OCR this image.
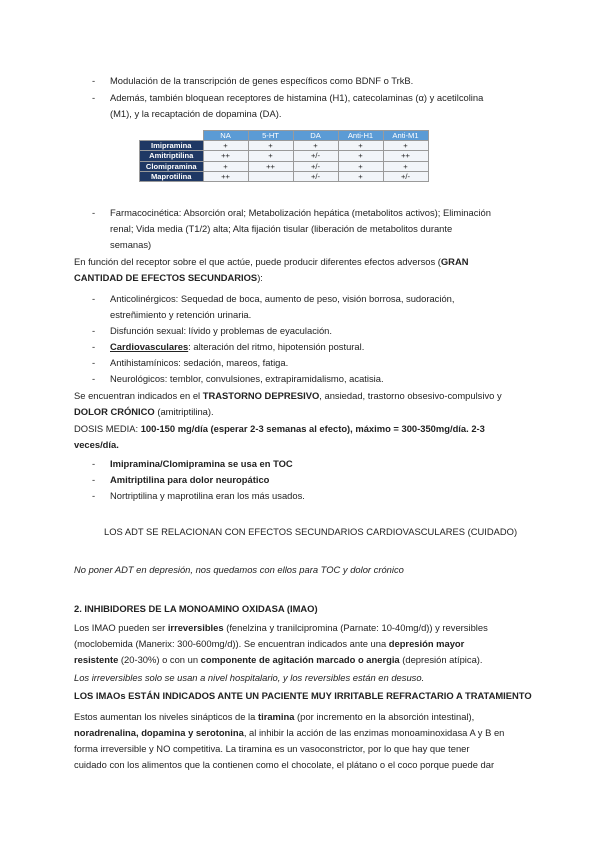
- Modulación de la transcripción de genes específicos como BDNF o TrkB.
- Además, también bloquean receptores de histamina (H1), catecolaminas (α) y acetilcolina
(M1), y la recaptación de dopamina (DA).
	NA	5-HT	DA	Anti-H1	Anti-M1
Imipramina	+	+	+	+	+
Amitriptilina	++	+	+/-	+	++
Clomipramina	+	++	+/-	+	+
Maprotilina	++		+/-	+	+/-
- Farmacocinética: Absorción oral; Metabolización hepática (metabolitos activos); Eliminación
renal; Vida media (T1/2) alta; Alta fijación tisular (liberación de metabolitos durante
semanas)
En función del receptor sobre el que actúe, puede producir diferentes efectos adversos (GRAN
CANTIDAD DE EFECTOS SECUNDARIOS):
- Anticolinérgicos: Sequedad de boca, aumento de peso, visión borrosa, sudoración,
estreñimiento y retención urinaria.
- Disfunción sexual: lívido y problemas de eyaculación.
- Cardiovasculares: alteración del ritmo, hipotensión postural.
- Antihistamínicos: sedación, mareos, fatiga.
- Neurológicos: temblor, convulsiones, extrapiramidalismo, acatisia.
Se encuentran indicados en el TRASTORNO DEPRESIVO, ansiedad, trastorno obsesivo-compulsivo y
DOLOR CRÓNICO (amitriptilina).
DOSIS MEDIA: 100-150 mg/día (esperar 2-3 semanas al efecto), máximo = 300-350mg/día. 2-3
veces/día.
- Imipramina/Clomipramina se usa en TOC
- Amitriptilina para dolor neuropático
- Nortriptilina y maprotilina eran los más usados.
LOS ADT SE RELACIONAN CON EFECTOS SECUNDARIOS CARDIOVASCULARES (CUIDADO)
No poner ADT en depresión, nos quedamos con ellos para TOC y dolor crónico
2. INHIBIDORES DE LA MONOAMINO OXIDASA (IMAO)
Los IMAO pueden ser irreversibles (fenelzina y tranilcipromina (Parnate: 10-40mg/d)) y reversibles
(moclobemida (Manerix: 300-600mg/d)). Se encuentran indicados ante una depresión mayor
resistente (20-30%) o con un componente de agitación marcado o anergia (depresión atípica).
Los irreversibles solo se usan a nivel hospitalario, y los reversibles están en desuso.
LOS IMAOs ESTÁN INDICADOS ANTE UN PACIENTE MUY IRRITABLE REFRACTARIO A TRATAMIENTO
Estos aumentan los niveles sinápticos de la tiramina (por incremento en la absorción intestinal),
noradrenalina, dopamina y serotonina, al inhibir la acción de las enzimas monoaminoxidasa A y B en
forma irreversible y NO competitiva. La tiramina es un vasoconstrictor, por lo que hay que tener
cuidado con los alimentos que la contienen como el chocolate, el plátano o el coco porque puede dar
